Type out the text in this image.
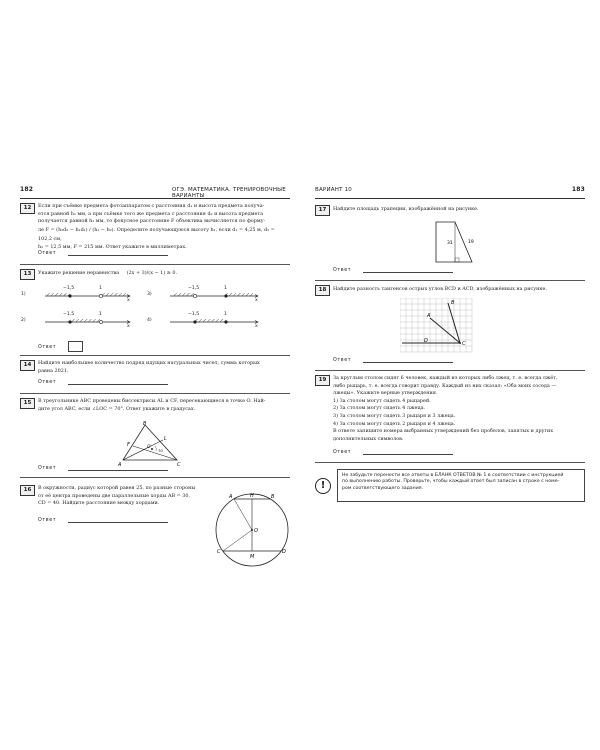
182	ОГЭ. МАТЕМАТИКА. ТРЕНИРОВОЧНЫЕ ВАРИАНТЫ
12	Если при съёмке предмета фотоаппаратом с расстояния d₁ и высота предмета получа-
ется равной h₁ мм, а при съёмке того же предмета с расстояния d₂ и высота предмета
получается равной h₂ мм, то фокусное расстояние F объектива вычисляется по форму-
ле F = (h₂d₂ − h₁d₁) / (h₁ − h₂). Определите получающуюся высоту h₁, если d₁ = 4,25 м, d₂ = 102,2 см,
h₂ = 12,5 мм, F = 215 мм. Ответ укажите в миллиметрах.
Ответ
13	Укажите решение неравенства (2x + 3)/(x − 1) ≥ 0.
1)
−1,5	1
x
3)
−1,5	1
x
2)
−1,5	1
x
4)
−1,5	1
x
Ответ
14	Найдите наибольшее количество подряд идущих натуральных чисел, сумма которых
равна 2021.
Ответ
15	В треугольнике ABC проведены биссектрисы AL и CF, пересекающиеся в точке O. Най-
дите угол ABC, если ∠LOC = 70°. Ответ укажите в градусах.
A	C
B
F
L
O
70
Ответ
16	В окружности, радиус которой равен 25, по разные стороны
от её центра проведены две параллельные хорды AB = 30,
CD = 40. Найдите расстояние между хордами.
Ответ
A	H	B
O
C
M
D
ВАРИАНТ 10	183
17	Найдите площадь трапеции, изображённой на рисунке.
31	19
Ответ
18	Найдите разность тангенсов острых углов BCD и ACD, изображённых на рисунке.
B
A
D	C
Ответ
19	За круглым столом сидят 6 человек, каждый из которых либо лжец, т. е. всегда лжёт,
либо рыцарь, т. е. всегда говорит правду. Каждый из них сказал: «Оба моих соседа —
лжецы». Укажите верные утверждения.
1) За столом могут сидеть 4 рыцарей.
2) За столом могут сидеть 4 лжеца.
3) За столом могут сидеть 3 рыцаря и 3 лжеца.
4) За столом могут сидеть 2 рыцаря и 4 лжеца.
В ответе запишите номера выбранных утверждений без пробелов, запятых и других
дополнительных символов.
Ответ
!
Не забудьте перенести все ответы в БЛАНК ОТВЕТОВ № 1 в соответствии с инструкцией
по выполнению работы. Проверьте, чтобы каждый ответ был записан в строке с номе-
ром соответствующего задания.
